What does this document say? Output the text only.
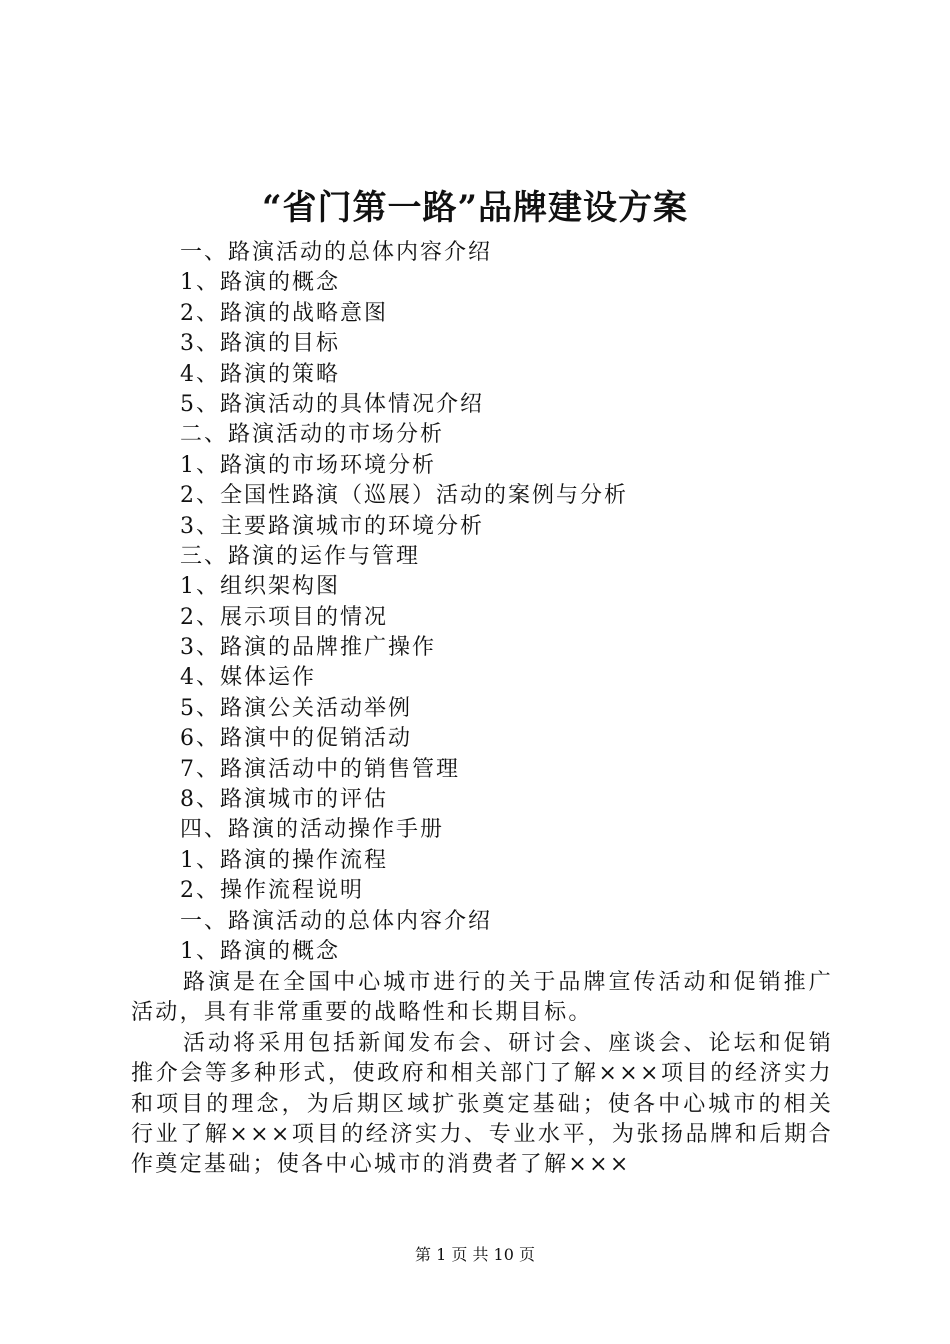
“省门第一路”品牌建设方案
一、路演活动的总体内容介绍
1、路演的概念
2、路演的战略意图
3、路演的目标
4、路演的策略
5、路演活动的具体情况介绍
二、路演活动的市场分析
1、路演的市场环境分析
2、全国性路演（巡展）活动的案例与分析
3、主要路演城市的环境分析
三、路演的运作与管理
1、组织架构图
2、展示项目的情况
3、路演的品牌推广操作
4、媒体运作
5、路演公关活动举例
6、路演中的促销活动
7、路演活动中的销售管理
8、路演城市的评估
四、路演的活动操作手册
1、路演的操作流程
2、操作流程说明
一、路演活动的总体内容介绍
1、路演的概念

路演是在全国中心城市进行的关于品牌宣传活动和促销推广活动，具有非常重要的战略性和长期目标。

活动将采用包括新闻发布会、研讨会、座谈会、论坛和促销推介会等多种形式，使政府和相关部门了解×××项目的经济实力和项目的理念，为后期区域扩张奠定基础；使各中心城市的相关行业了解×××项目的经济实力、专业水平，为张扬品牌和后期合作奠定基础；使各中心城市的消费者了解×××

第 1 页 共 10 页
